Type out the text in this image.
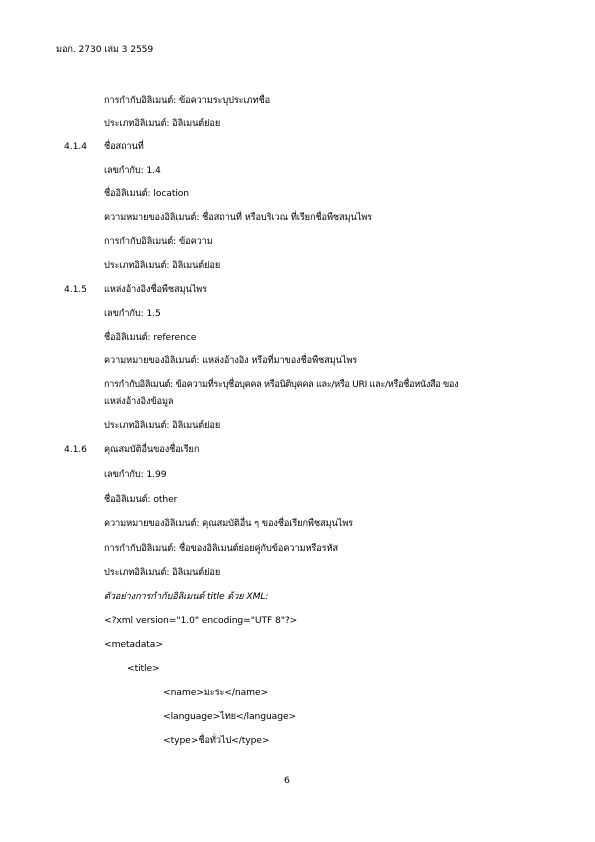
มอก. 2730 เล่ม 3 2559
การกำกับอิลิเมนต์: ข้อความระบุประเภทชื่อ
ประเภทอิลิเมนต์: อิลิเมนต์ย่อย
4.1.4 ชื่อสถานที่
เลขกำกับ: 1.4
ชื่ออิลิเมนต์: location
ความหมายของอิลิเมนต์: ชื่อสถานที่ หรือบริเวณ ที่เรียกชื่อพืชสมุนไพร
การกำกับอิลิเมนต์: ข้อความ
ประเภทอิลิเมนต์: อิลิเมนต์ย่อย
4.1.5 แหล่งอ้างอิงชื่อพืชสมุนไพร
เลขกำกับ: 1.5
ชื่ออิลิเมนต์: reference
ความหมายของอิลิเมนต์: แหล่งอ้างอิง หรือที่มาของชื่อพืชสมุนไพร
การกำกับอิลิเมนต์: ข้อความที่ระบุชื่อบุคคล หรือนิติบุคคล และ/หรือ URI และ/หรือชื่อหนังสือ ของ
แหล่งอ้างอิงข้อมูล
ประเภทอิลิเมนต์: อิลิเมนต์ย่อย
4.1.6 คุณสมบัติอื่นของชื่อเรียก
เลขกำกับ: 1.99
ชื่ออิลิเมนต์: other
ความหมายของอิลิเมนต์: คุณสมบัติอื่น ๆ ของชื่อเรียกพืชสมุนไพร
การกำกับอิลิเมนต์: ชื่อของอิลิเมนต์ย่อยคู่กับข้อความหรือรหัส
ประเภทอิลิเมนต์: อิลิเมนต์ย่อย
ตัวอย่างการกำกับอิลิเมนต์ title ด้วย XML:
<?xml version="1.0" encoding="UTF 8"?>
<metadata>
<title>
<name>มะระ</name>
<language>ไทย</language>
<type>ชื่อทั่วไป</type>
6
